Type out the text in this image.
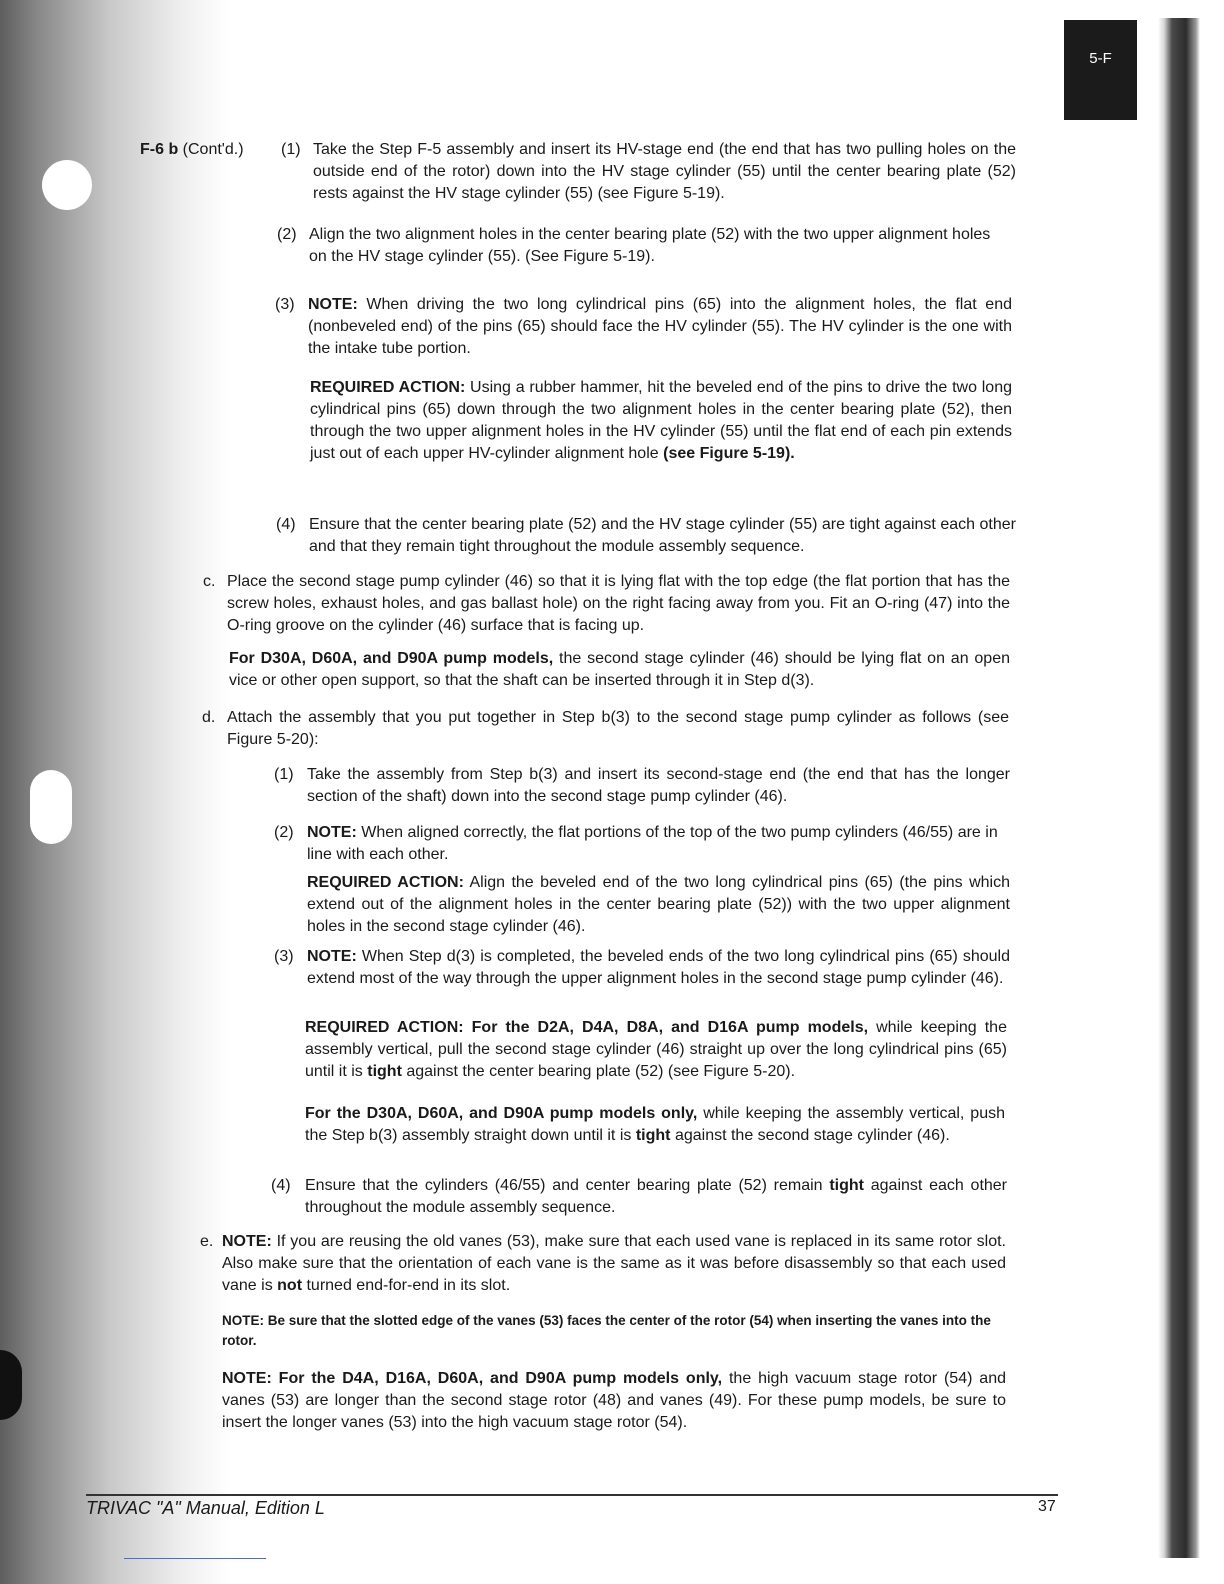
5-F
F-6 b (Cont'd.) (1) Take the Step F-5 assembly and insert its HV-stage end (the end that has two pulling holes on the outside end of the rotor) down into the HV stage cylinder (55) until the center bearing plate (52) rests against the HV stage cylinder (55) (see Figure 5-19).
(2) Align the two alignment holes in the center bearing plate (52) with the two upper alignment holes on the HV stage cylinder (55). (See Figure 5-19).
(3) NOTE: When driving the two long cylindrical pins (65) into the alignment holes, the flat end (nonbeveled end) of the pins (65) should face the HV cylinder (55). The HV cylinder is the one with the intake tube portion.
REQUIRED ACTION: Using a rubber hammer, hit the beveled end of the pins to drive the two long cylindrical pins (65) down through the two alignment holes in the center bearing plate (52), then through the two upper alignment holes in the HV cylinder (55) until the flat end of each pin extends just out of each upper HV-cylinder alignment hole (see Figure 5-19).
(4) Ensure that the center bearing plate (52) and the HV stage cylinder (55) are tight against each other and that they remain tight throughout the module assembly sequence.
c. Place the second stage pump cylinder (46) so that it is lying flat with the top edge (the flat portion that has the screw holes, exhaust holes, and gas ballast hole) on the right facing away from you. Fit an O-ring (47) into the O-ring groove on the cylinder (46) surface that is facing up.
For D30A, D60A, and D90A pump models, the second stage cylinder (46) should be lying flat on an open vice or other open support, so that the shaft can be inserted through it in Step d(3).
d. Attach the assembly that you put together in Step b(3) to the second stage pump cylinder as follows (see Figure 5-20):
(1) Take the assembly from Step b(3) and insert its second-stage end (the end that has the longer section of the shaft) down into the second stage pump cylinder (46).
(2) NOTE: When aligned correctly, the flat portions of the top of the two pump cylinders (46/55) are in line with each other.
REQUIRED ACTION: Align the beveled end of the two long cylindrical pins (65) (the pins which extend out of the alignment holes in the center bearing plate (52)) with the two upper alignment holes in the second stage cylinder (46).
(3) NOTE: When Step d(3) is completed, the beveled ends of the two long cylindrical pins (65) should extend most of the way through the upper alignment holes in the second stage pump cylinder (46).
REQUIRED ACTION: For the D2A, D4A, D8A, and D16A pump models, while keeping the assembly vertical, pull the second stage cylinder (46) straight up over the long cylindrical pins (65) until it is tight against the center bearing plate (52) (see Figure 5-20).
For the D30A, D60A, and D90A pump models only, while keeping the assembly vertical, push the Step b(3) assembly straight down until it is tight against the second stage cylinder (46).
(4) Ensure that the cylinders (46/55) and center bearing plate (52) remain tight against each other throughout the module assembly sequence.
e. NOTE: If you are reusing the old vanes (53), make sure that each used vane is replaced in its same rotor slot. Also make sure that the orientation of each vane is the same as it was before disassembly so that each used vane is not turned end-for-end in its slot.
NOTE: Be sure that the slotted edge of the vanes (53) faces the center of the rotor (54) when inserting the vanes into the rotor.
NOTE: For the D4A, D16A, D60A, and D90A pump models only, the high vacuum stage rotor (54) and vanes (53) are longer than the second stage rotor (48) and vanes (49). For these pump models, be sure to insert the longer vanes (53) into the high vacuum stage rotor (54).
TRIVAC "A" Manual, Edition L	37
